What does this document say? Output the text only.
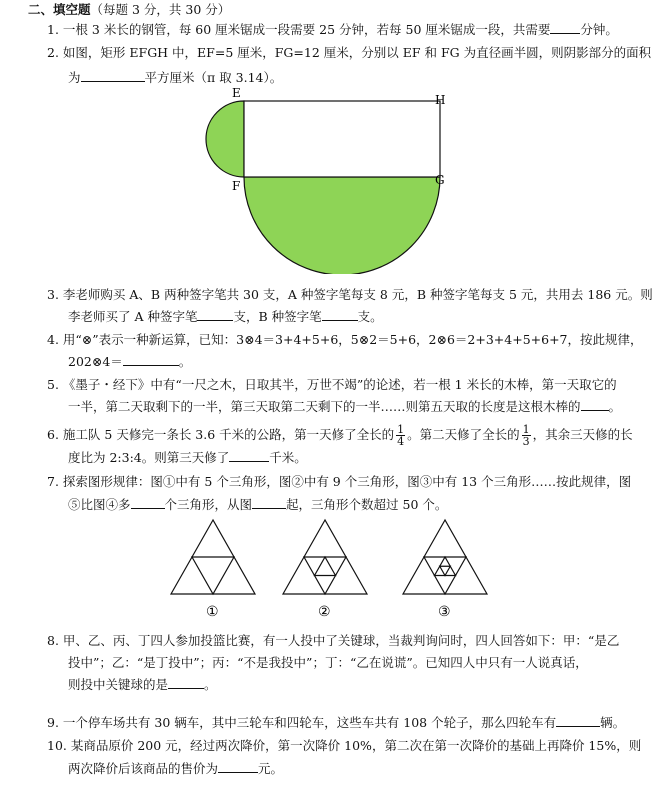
二、填空题（每题 3 分，共 30 分）
1. 一根 3 米长的钢管，每 60 厘米锯成一段需要 25 分钟，若每 50 厘米锯成一段，共需要 分钟。
2. 如图，矩形 EFGH 中，EF=5 厘米，FG=12 厘米，分别以 EF 和 FG 为直径画半圆，则阴影部分的面积
为	平方厘米（π 取 3.14）。
E	H
F	G
3. 李老师购买 A、B 两种签字笔共 30 支，A 种签字笔每支 8 元，B 种签字笔每支 5 元，共用去 186 元。则
李老师买了 A 种签字笔	支，B 种签字笔	支。
4. 用“⊗”表示一种新运算，已知：3⊗4＝3+4+5+6，5⊗2＝5+6，2⊗6＝2+3+4+5+6+7，按此规律，
202⊗4＝	。
5. 《墨子・经下》中有“一尺之木，日取其半，万世不竭”的论述，若一根 1 米长的木棒，第一天取它的
一半，第二天取剩下的一半，第三天取第二天剩下的一半……则第五天取的长度是这根木棒的 。
6. 施工队 5 天修完一条长 3.6 千米的公路，第一天修了全长的 $\frac{1}{4}$ 。第二天修了全长的 $\frac{1}{3}$ ，其余三天修的长
度比为 2:3:4。则第三天修了	千米。
7. 探索图形规律：图①中有 5 个三角形，图②中有 9 个三角形，图③中有 13 个三角形……按此规律，图
⑤比图④多	个三角形，从图	起，三角形个数超过 50 个。
①	②	③
8. 甲、乙、丙、丁四人参加投篮比赛，有一人投中了关键球，当裁判询问时，四人回答如下：甲：“是乙
投中”；乙：“是丁投中”；丙：“不是我投中”；丁：“乙在说谎”。已知四人中只有一人说真话，
则投中关键球的是	。
9. 一个停车场共有 30 辆车，其中三轮车和四轮车，这些车共有 108 个轮子，那么四轮车有	辆。
10. 某商品原价 200 元，经过两次降价，第一次降价 10%，第二次在第一次降价的基础上再降价 15%，则
两次降价后该商品的售价为	元。
